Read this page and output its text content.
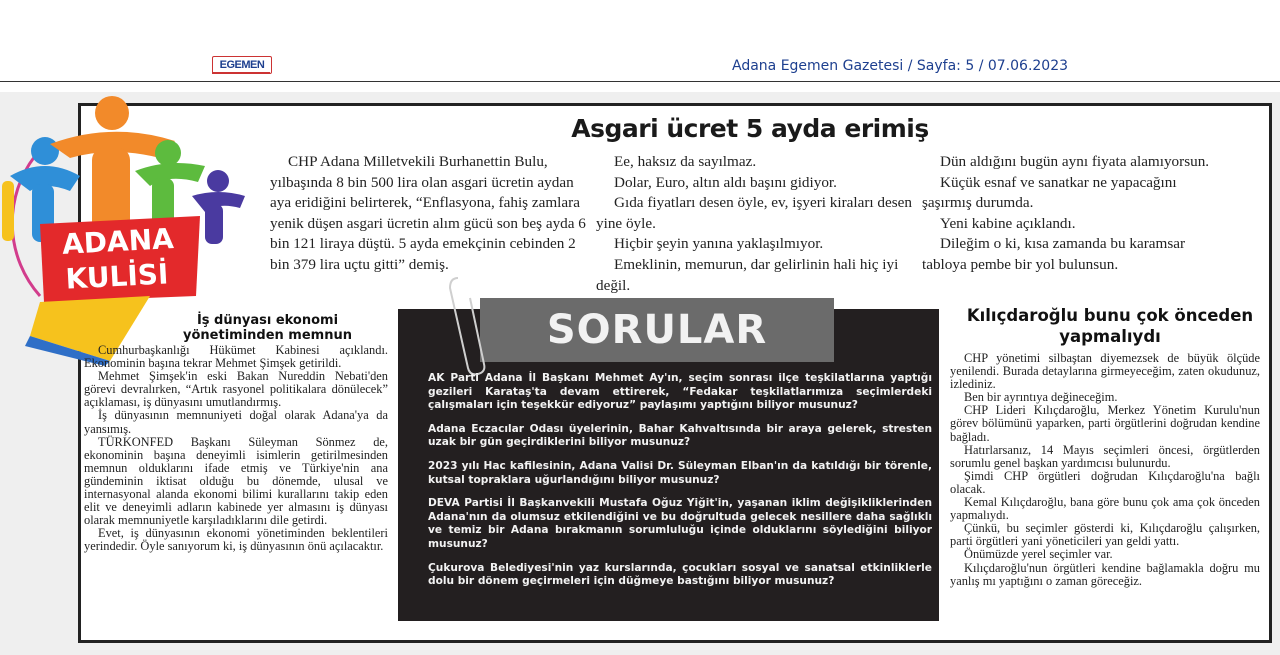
EGEMEN	Adana Egemen Gazetesi / Sayfa: 5 / 07.06.2023
ADANA
KULİSİ
Asgari ücret 5 ayda erimiş

CHP Adana Milletvekili Burhanettin Bulu, yılbaşında 8 bin 500 lira olan asgari ücretin aydan aya eridiğini belirterek, “Enflasyona, fahiş zamlara yenik düşen asgari ücretin alım gücü son beş ayda 6 bin 121 liraya düştü. 5 ayda emekçinin cebinden 2 bin 379 lira uçtu gitti” demiş.

Ee, haksız da sayılmaz.

Dolar, Euro, altın aldı başını gidiyor.

Gıda fiyatları desen öyle, ev, işyeri kiraları desen yine öyle.

Hiçbir şeyin yanına yaklaşılmıyor.

Emeklinin, memurun, dar gelirlinin hali hiç iyi değil.

Dün aldığını bugün aynı fiyata alamıyorsun.

Küçük esnaf ve sanatkar ne yapacağını şaşırmış durumda.

Yeni kabine açıklandı.

Dileğim o ki, kısa zamanda bu karamsar tabloya pembe bir yol bulunsun.

İş dünyası ekonomi yönetiminden memnun

Cumhurbaşkanlığı Hükümet Kabinesi açıklandı. Ekonominin başına tekrar Mehmet Şimşek getirildi.

Mehmet Şimşek'in eski Bakan Nureddin Nebati'den görevi devralırken, “Artık rasyonel politikalara dönülecek” açıklaması, iş dünyasını umutlandırmış.

İş dünyasının memnuniyeti doğal olarak Adana'ya da yansımış.

TÜRKONFED Başkanı Süleyman Sönmez de, ekonominin başına deneyimli isimlerin getirilmesinden memnun olduklarını ifade etmiş ve Türkiye'nin ana gündeminin iktisat olduğu bu dönemde, ulusal ve internasyonal alanda ekonomi bilimi kurallarını takip eden elit ve deneyimli adların kabinede yer almasını iş dünyası olarak memnuniyetle karşıladıklarını dile getirdi.

Evet, iş dünyasının ekonomi yönetiminden beklentileri yerindedir. Öyle sanıyorum ki, iş dünyasının önü açılacaktır.

SORULAR

AK Parti Adana İl Başkanı Mehmet Ay'ın, seçim sonrası ilçe teşkilatlarına yaptığı gezileri Karataş'ta devam ettirerek, “Fedakar teşkilatlarımıza seçimlerdeki çalışmaları için teşekkür ediyoruz” paylaşımı yaptığını biliyor musunuz?

Adana Eczacılar Odası üyelerinin, Bahar Kahvaltısında bir araya gelerek, stresten uzak bir gün geçirdiklerini biliyor musunuz?

2023 yılı Hac kafilesinin, Adana Valisi Dr. Süleyman Elban'ın da katıldığı bir törenle, kutsal topraklara uğurlandığını biliyor musunuz?

DEVA Partisi İl Başkanvekili Mustafa Oğuz Yiğit'in, yaşanan iklim değişikliklerinden Adana'nın da olumsuz etkilendiğini ve bu doğrultuda gelecek nesillere daha sağlıklı ve temiz bir Adana bırakmanın sorumluluğu içinde olduklarını söylediğini biliyor musunuz?

Çukurova Belediyesi'nin yaz kurslarında, çocukları sosyal ve sanatsal etkinliklerle dolu bir dönem geçirmeleri için düğmeye bastığını biliyor musunuz?

Kılıçdaroğlu bunu çok önceden yapmalıydı

CHP yönetimi silbaştan diyemezsek de büyük ölçüde yenilendi. Burada detaylarına girmeyeceğim, zaten okudunuz, izlediniz.

Ben bir ayrıntıya değineceğim.

CHP Lideri Kılıçdaroğlu, Merkez Yönetim Kurulu'nun görev bölümünü yaparken, parti örgütlerini doğrudan kendine bağladı.

Hatırlarsanız, 14 Mayıs seçimleri öncesi, örgütlerden sorumlu genel başkan yardımcısı bulunurdu.

Şimdi CHP örgütleri doğrudan Kılıçdaroğlu'na bağlı olacak.

Kemal Kılıçdaroğlu, bana göre bunu çok ama çok önceden yapmalıydı.

Çünkü, bu seçimler gösterdi ki, Kılıçdaroğlu çalışırken, parti örgütleri yani yöneticileri yan geldi yattı.

Önümüzde yerel seçimler var.

Kılıçdaroğlu'nun örgütleri kendine bağlamakla doğru mu yanlış mı yaptığını o zaman göreceğiz.
